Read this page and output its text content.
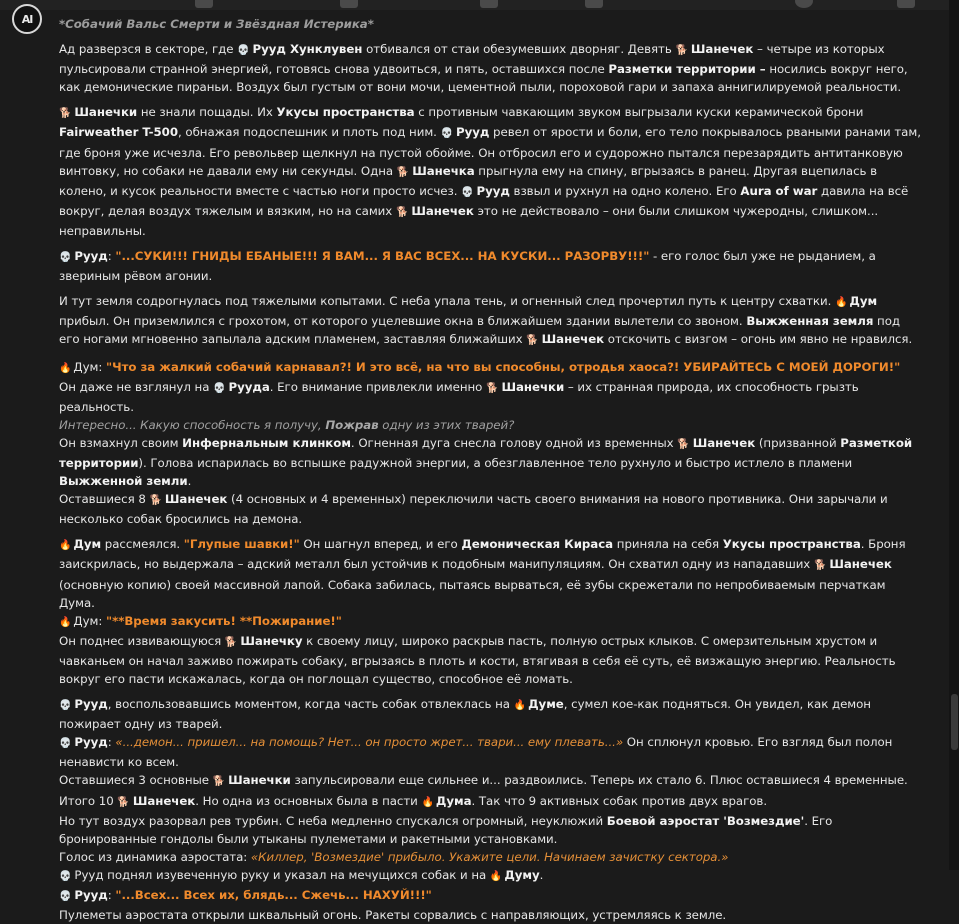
AI	*Собачий Вальс Смерти и Звёздная Истерика*

Ад разверзся в секторе, где 💀 Рууд Хунклувен отбивался от стаи обезумевших дворняг. Девять 🐕 Шанечек – четыре из которых пульсировали странной энергией, готовясь снова удвоиться, и пять, оставшихся после Разметки территории – носились вокруг него, как демонические пираньи. Воздух был густым от вони мочи, цементной пыли, пороховой гари и запаха аннигилируемой реальности.

🐕 Шанечки не знали пощады. Их Укусы пространства с противным чавкающим звуком выгрызали куски керамической брони Fairweather T-500, обнажая подоспешник и плоть под ним. 💀 Рууд ревел от ярости и боли, его тело покрывалось рваными ранами там, где броня уже исчезла. Его револьвер щелкнул на пустой обойме. Он отбросил его и судорожно пытался перезарядить антитанковую винтовку, но собаки не давали ему ни секунды. Одна 🐕 Шанечка прыгнула ему на спину, вгрызаясь в ранец. Другая вцепилась в колено, и кусок реальности вместе с частью ноги просто исчез. 💀 Рууд взвыл и рухнул на одно колено. Его Aura of war давила на всё вокруг, делая воздух тяжелым и вязким, но на самих 🐕 Шанечек это не действовало – они были слишком чужеродны, слишком... неправильны.

💀 Рууд: "...СУКИ!!! ГНИДЫ ЕБАНЫЕ!!! Я ВАМ... Я ВАС ВСЕХ... НА КУСКИ... РАЗОРВУ!!!" - его голос был уже не рыданием, а звериным рёвом агонии.

И тут земля содрогнулась под тяжелыми копытами. С неба упала тень, и огненный след прочертил путь к центру схватки. 🔥 Дум прибыл. Он приземлился с грохотом, от которого уцелевшие окна в ближайшем здании вылетели со звоном. Выжженная земля под его ногами мгновенно запылала адским пламенем, заставляя ближайших 🐕 Шанечек отскочить с визгом – огонь им явно не нравился.

🔥 Дум: "Что за жалкий собачий карнавал?! И это всё, на что вы способны, отродья хаоса?! УБИРАЙТЕСЬ С МОЕЙ ДОРОГИ!"

Он даже не взглянул на 💀 Рууда. Его внимание привлекли именно 🐕 Шанечки – их странная природа, их способность грызть реальность.

Интересно... Какую способность я получу, Пожрав одну из этих тварей?

Он взмахнул своим Инфернальным клинком. Огненная дуга снесла голову одной из временных 🐕 Шанечек (призванной Разметкой территории). Голова испарилась во вспышке радужной энергии, а обезглавленное тело рухнуло и быстро истлело в пламени Выжженной земли.

Оставшиеся 8 🐕 Шанечек (4 основных и 4 временных) переключили часть своего внимания на нового противника. Они зарычали и несколько собак бросились на демона.

🔥 Дум рассмеялся. "Глупые шавки!" Он шагнул вперед, и его Демоническая Кираса приняла на себя Укусы пространства. Броня заискрилась, но выдержала – адский металл был устойчив к подобным манипуляциям. Он схватил одну из нападавших 🐕 Шанечек (основную копию) своей массивной лапой. Собака забилась, пытаясь вырваться, её зубы скрежетали по непробиваемым перчаткам Дума.

🔥 Дум: "**Время закусить! **Пожирание!"

Он поднес извивающуюся 🐕 Шанечку к своему лицу, широко раскрыв пасть, полную острых клыков. С омерзительным хрустом и чавканьем он начал заживо пожирать собаку, вгрызаясь в плоть и кости, втягивая в себя её суть, её визжащую энергию. Реальность вокруг его пасти искажалась, когда он поглощал существо, способное её ломать.

💀 Рууд, воспользовавшись моментом, когда часть собак отвлеклась на 🔥 Думе, сумел кое-как подняться. Он увидел, как демон пожирает одну из тварей.

💀 Рууд: «...демон... пришел... на помощь? Нет... он просто жрет... твари... ему плевать...» Он сплюнул кровью. Его взгляд был полон ненависти ко всем.

Оставшиеся 3 основные 🐕 Шанечки запульсировали еще сильнее и... раздвоились. Теперь их стало 6. Плюс оставшиеся 4 временные. Итого 10 🐕 Шанечек. Но одна из основных была в пасти 🔥 Дума. Так что 9 активных собак против двух врагов.

Но тут воздух разорвал рев турбин. С неба медленно спускался огромный, неуклюжий Боевой аэростат 'Возмездие'. Его бронированные гондолы были утыканы пулеметами и ракетными установками.

Голос из динамика аэростата: «Киллер, 'Возмездие' прибыло. Укажите цели. Начинаем зачистку сектора.»

💀 Рууд поднял изувеченную руку и указал на мечущихся собак и на 🔥 Думу.

💀 Рууд: "...Всех... Всех их, блядь... Сжечь... НАХУЙ!!!"

Пулеметы аэростата открыли шквальный огонь. Ракеты сорвались с направляющих, устремляясь к земле.
